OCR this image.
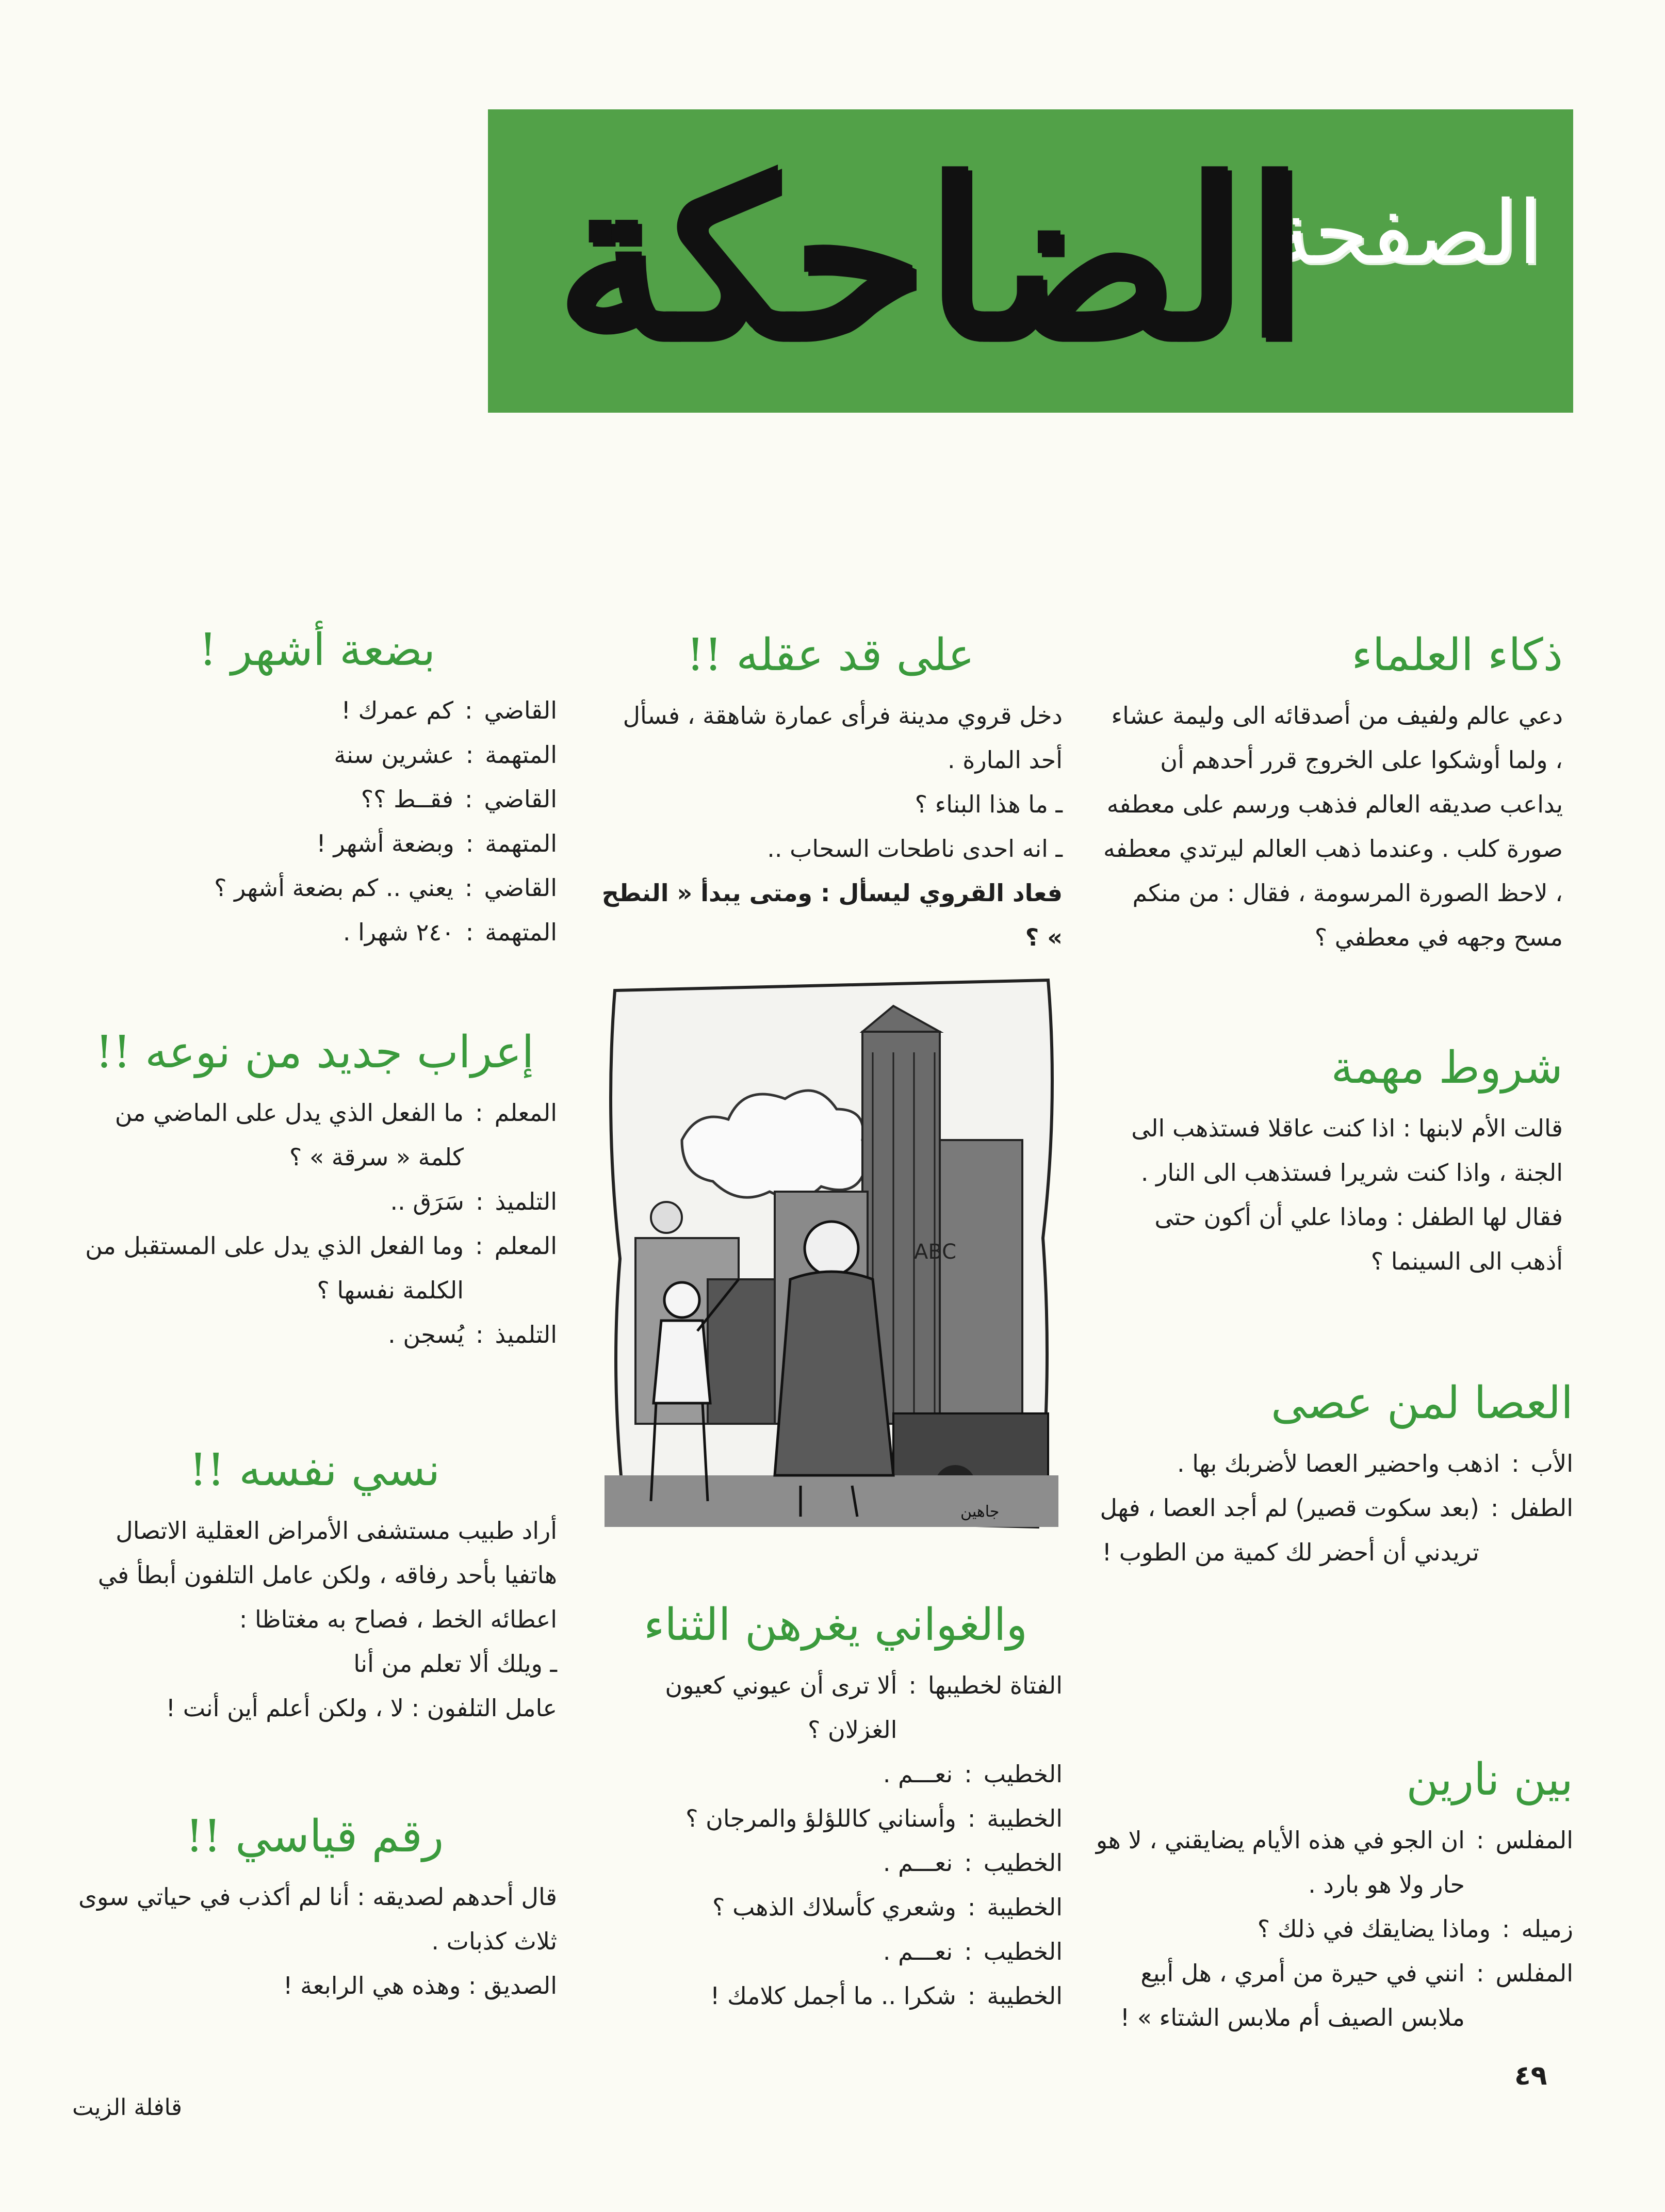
الصفحة
الضاحكة
ذكاء العلماء
دعي عالم ولفيف من أصدقائه الى وليمة عشاء ، ولما أوشكوا على الخروج قرر أحدهم أن يداعب صديقه العالم فذهب ورسم على معطفه صورة كلب . وعندما ذهب العالم ليرتدي معطفه ، لاحظ الصورة المرسومة ، فقال : من منكم مسح وجهه في معطفي ؟
شروط مهمة
قالت الأم لابنها : اذا كنت عاقلا فستذهب الى الجنة ، واذا كنت شريرا فستذهب الى النار . فقال لها الطفل : وماذا علي أن أكون حتى أذهب الى السينما ؟
العصا لمن عصى
الأب
:
اذهب واحضير العصا لأضربك بها .
الطفل
:
(بعد سكوت قصير) لم أجد العصا ، فهل تريدني أن أحضر لك كمية من الطوب !
بين نارين
المفلس
:
ان الجو في هذه الأيام يضايقني ، لا هو حار ولا هو بارد .
زميله
:
وماذا يضايقك في ذلك ؟
المفلس
:
انني في حيرة من أمري ، هل أبيع ملابس الصيف أم ملابس الشتاء » !
على قد عقله !!

دخل قروي مدينة فرأى عمارة شاهقة ، فسأل أحد المارة .

ـ ما هذا البناء ؟

ـ انه احدى ناطحات السحاب ..

فعاد القروي ليسأل : ومتى يبدأ « النطح » ؟

ABC
جاهين
والغواني يغرهن الثناء
الفتاة لخطيبها
:
ألا ترى أن عيوني كعيون الغزلان ؟
الخطيب
:
نعـــم .
الخطيبة
:
وأسناني كاللؤلؤ والمرجان ؟
الخطيب
:
نعـــم .
الخطيبة
:
وشعري كأسلاك الذهب ؟
الخطيب
:
نعـــم .
الخطيبة
:
شكرا .. ما أجمل كلامك !
بضعة أشهر !
القاضي
:
كم عمرك !
المتهمة
:
عشرين سنة
القاضي
:
فقــط ؟؟
المتهمة
:
وبضعة أشهر !
القاضي
:
يعني .. كم بضعة أشهر ؟
المتهمة
:
٢٤٠ شهرا .
إعراب جديد من نوعه !!
المعلم
:
ما الفعل الذي يدل على الماضي من كلمة « سرقة » ؟
التلميذ
:
سَرَق ..
المعلم
:
وما الفعل الذي يدل على المستقبل من الكلمة نفسها ؟
التلميذ
:
يُسجن .
نسي نفسه !!

أراد طبيب مستشفى الأمراض العقلية الاتصال هاتفيا بأحد رفاقه ، ولكن عامل التلفون أبطأ في اعطائه الخط ، فصاح به مغتاظا :

ـ ويلك ألا تعلم من أنا

عامل التلفون : لا ، ولكن أعلم أين أنت !

رقم قياسي !!

قال أحدهم لصديقه : أنا لم أكذب في حياتي سوى ثلاث كذبات .

الصديق : وهذه هي الرابعة !

٤٩
قافلة الزيت
